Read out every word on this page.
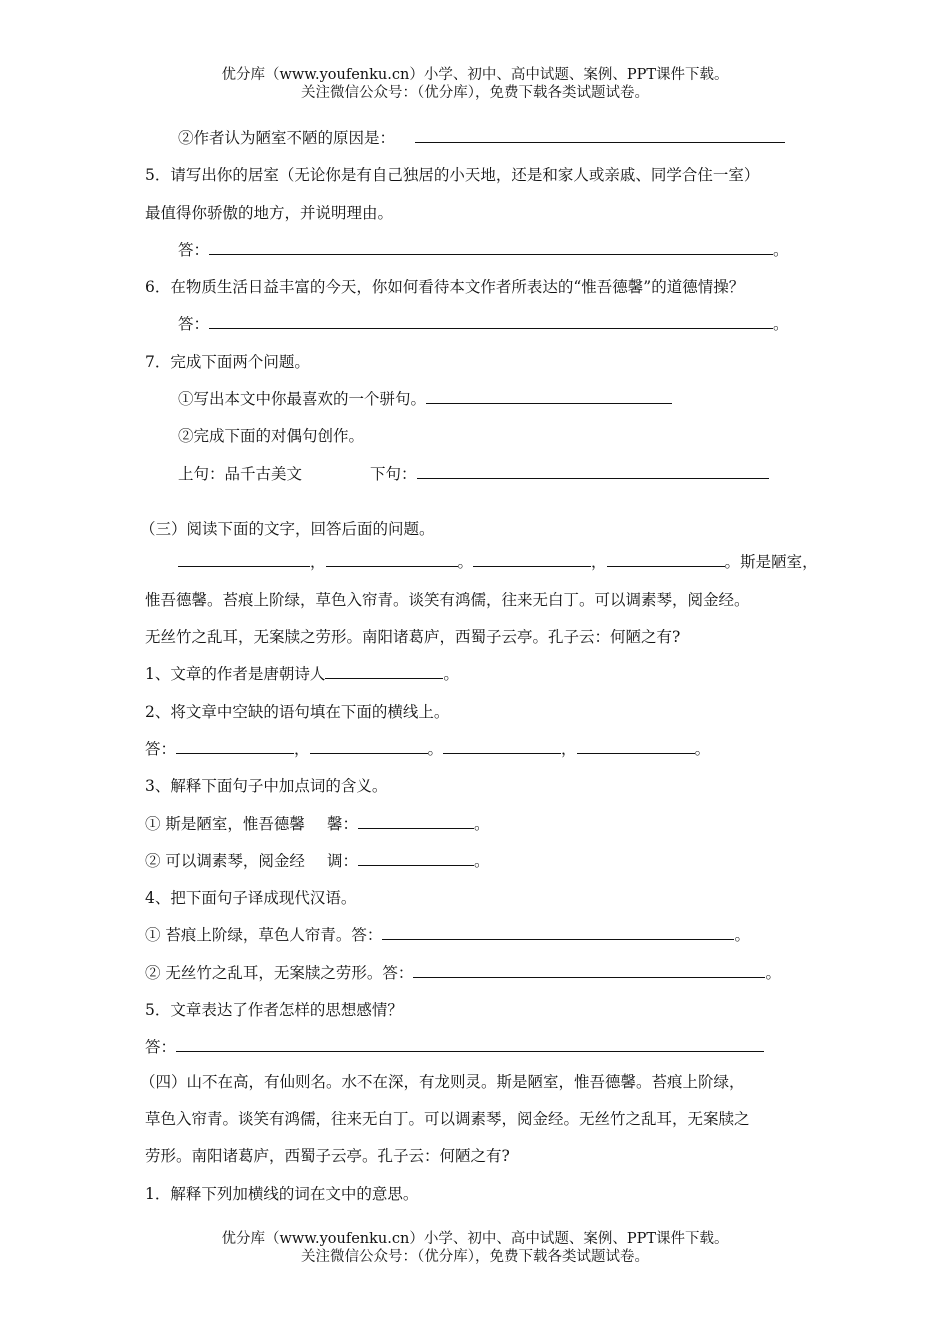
优分库（www.youfenku.cn）小学、初中、高中试题、案例、PPT课件下载。
关注微信公众号：（优分库），免费下载各类试题试卷。
②作者认为陋室不陋的原因是：
5．请写出你的居室（无论你是有自己独居的小天地，还是和家人或亲戚、同学合住一室）
最值得你骄傲的地方，并说明理由。
答：	。
6．在物质生活日益丰富的今天，你如何看待本文作者所表达的“惟吾德馨”的道德情操？
答：	。
7．完成下面两个问题。
①写出本文中你最喜欢的一个骈句。
②完成下面的对偶句创作。
上句：品千古美文	下句：
（三）阅读下面的文字，回答后面的问题。
，	。	，	。斯是陋室，
惟吾德馨。苔痕上阶绿，草色入帘青。谈笑有鸿儒，往来无白丁。可以调素琴，阅金经。
无丝竹之乱耳，无案牍之劳形。南阳诸葛庐，西蜀子云亭。孔子云：何陋之有?
1、文章的作者是唐朝诗人	。
2、将文章中空缺的语句填在下面的横线上。
答：	，	。	，	。
3、解释下面句子中加点词的含义。
① 斯是陋室，惟吾德馨 馨：	。
② 可以调素琴，阅金经 调：	。
4、把下面句子译成现代汉语。
① 苔痕上阶绿，草色人帘青。答：	。
② 无丝竹之乱耳，无案牍之劳形。答：	。
5．文章表达了作者怎样的思想感情？
答：
（四）山不在高，有仙则名。水不在深，有龙则灵。斯是陋室，惟吾德馨。苔痕上阶绿，
草色入帘青。谈笑有鸿儒，往来无白丁。可以调素琴，阅金经。无丝竹之乱耳，无案牍之
劳形。南阳诸葛庐，西蜀子云亭。孔子云：何陋之有?
1．解释下列加横线的词在文中的意思。
优分库（www.youfenku.cn）小学、初中、高中试题、案例、PPT课件下载。
关注微信公众号：（优分库），免费下载各类试题试卷。
